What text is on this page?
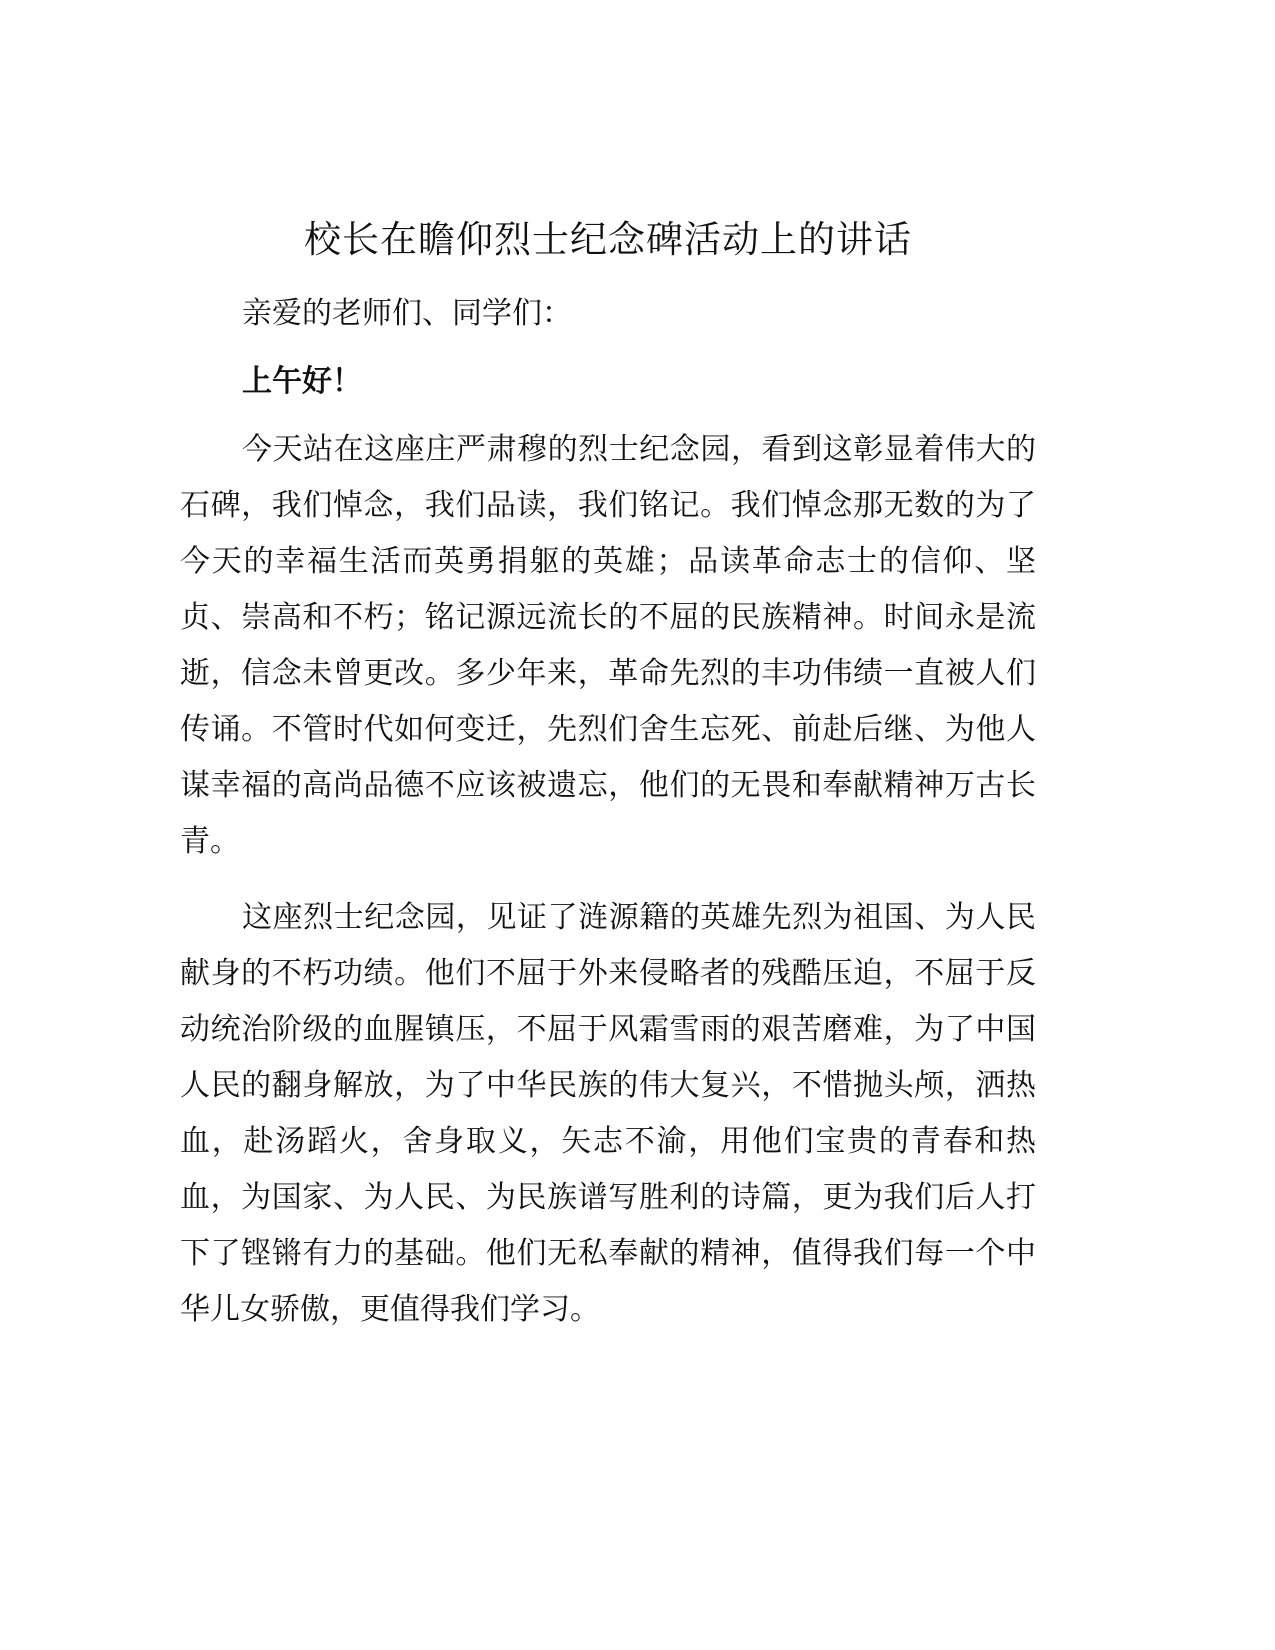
校长在瞻仰烈士纪念碑活动上的讲话

亲爱的老师们、同学们：

上午好！

今天站在这座庄严肃穆的烈士纪念园，看到这彰显着伟大的石碑，我们悼念，我们品读，我们铭记。我们悼念那无数的为了今天的幸福生活而英勇捐躯的英雄；品读革命志士的信仰、坚贞、崇高和不朽；铭记源远流长的不屈的民族精神。时间永是流逝，信念未曾更改。多少年来，革命先烈的丰功伟绩一直被人们传诵。不管时代如何变迁，先烈们舍生忘死、前赴后继、为他人谋幸福的高尚品德不应该被遗忘，他们的无畏和奉献精神万古长青。

这座烈士纪念园，见证了涟源籍的英雄先烈为祖国、为人民献身的不朽功绩。他们不屈于外来侵略者的残酷压迫，不屈于反动统治阶级的血腥镇压，不屈于风霜雪雨的艰苦磨难，为了中国人民的翻身解放，为了中华民族的伟大复兴，不惜抛头颅，洒热血，赴汤蹈火，舍身取义，矢志不渝，用他们宝贵的青春和热血，为国家、为人民、为民族谱写胜利的诗篇，更为我们后人打下了铿锵有力的基础。他们无私奉献的精神，值得我们每一个中华儿女骄傲，更值得我们学习。
